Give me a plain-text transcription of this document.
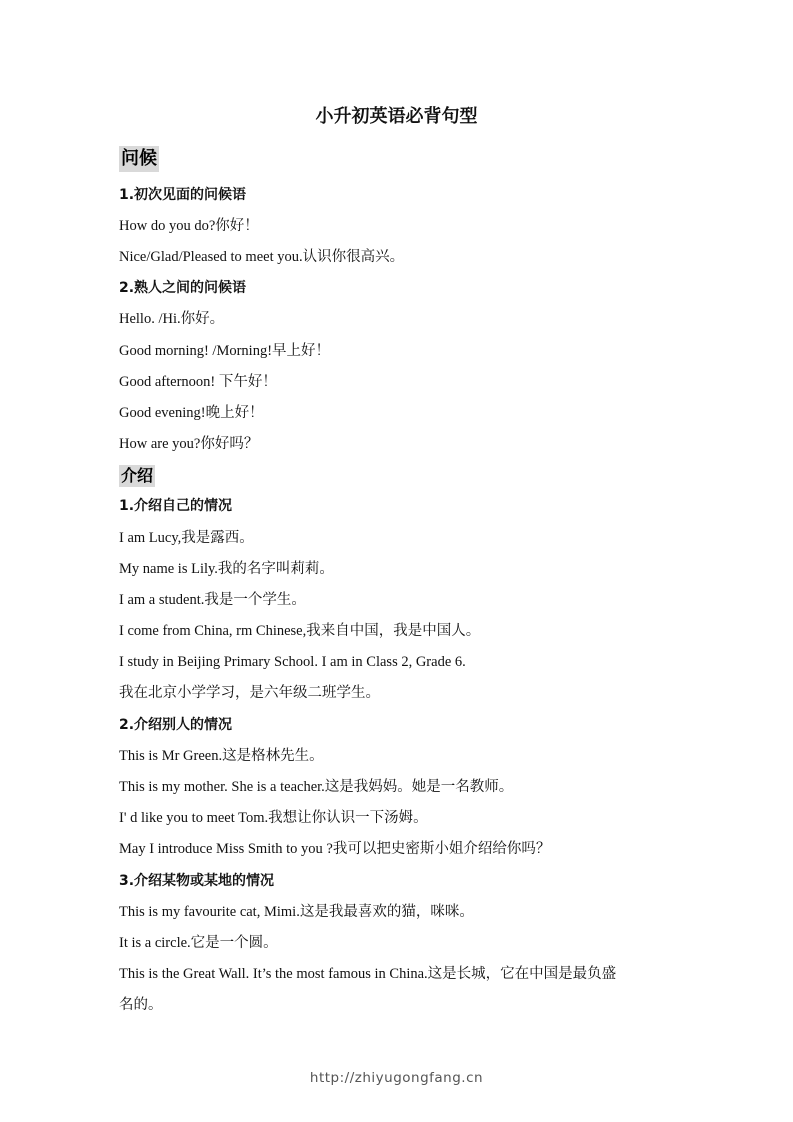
小升初英语必背句型
问候
1.初次见面的问候语
How do you do?你好！
Nice/Glad/Pleased to meet you.认识你很高兴。
2.熟人之间的问候语
Hello. /Hi.你好。
Good morning! /Morning!早上好！
Good afternoon! 下午好！
Good evening!晚上好！
How are you?你好吗？
介绍
1.介绍自己的情况
I am Lucy,我是露西。
My name is Lily.我的名字叫莉莉。
I am a student.我是一个学生。
I come from China, rm Chinese,我来自中国，我是中国人。
I study in Beijing Primary School. I am in Class 2, Grade 6.
我在北京小学学习，是六年级二班学生。
2.介绍别人的情况
This is Mr Green.这是格林先生。
This is my mother. She is a teacher.这是我妈妈。她是一名教师。
I' d like you to meet Tom.我想让你认识一下汤姆。
May I introduce Miss Smith to you ?我可以把史密斯小姐介绍给你吗？
3.介绍某物或某地的情况
This is my favourite cat, Mimi.这是我最喜欢的猫，咪咪。
It is a circle.它是一个圆。
This is the Great Wall. It’s the most famous in China.这是长城，它在中国是最负盛
名的。
http://zhiyugongfang.cn
